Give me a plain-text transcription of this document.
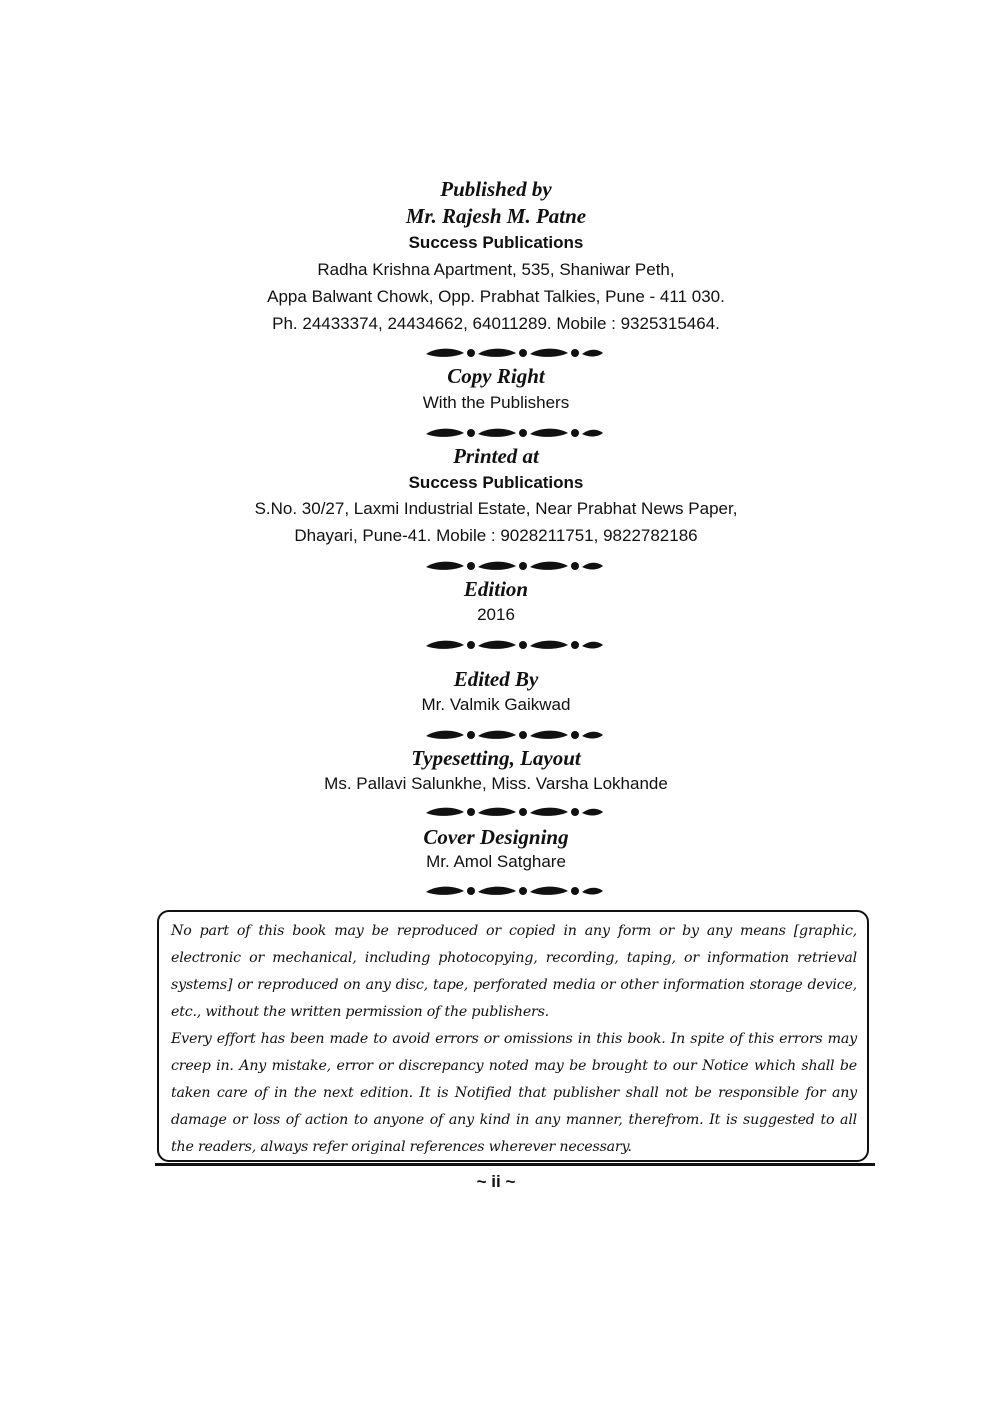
Published by
Mr. Rajesh M. Patne
Success Publications
Radha Krishna Apartment, 535, Shaniwar Peth,
Appa Balwant Chowk, Opp. Prabhat Talkies, Pune - 411 030.
Ph. 24433374, 24434662, 64011289. Mobile : 9325315464.
Copy Right
With the Publishers
Printed at
Success Publications
S.No. 30/27, Laxmi Industrial Estate, Near Prabhat News Paper,
Dhayari, Pune-41. Mobile : 9028211751, 9822782186
Edition
2016
Edited By
Mr. Valmik Gaikwad
Typesetting, Layout
Ms. Pallavi Salunkhe, Miss. Varsha Lokhande
Cover Designing
Mr. Amol Satghare

No part of this book may be reproduced or copied in any form or by any means [graphic, electronic or mechanical, including photocopying, recording, taping, or information retrieval systems] or reproduced on any disc, tape, perforated media or other information storage device, etc., without the written permission of the publishers.

Every effort has been made to avoid errors or omissions in this book. In spite of this errors may creep in. Any mistake, error or discrepancy noted may be brought to our Notice which shall be taken care of in the next edition. It is Notified that publisher shall not be responsible for any damage or loss of action to anyone of any kind in any manner, therefrom. It is suggested to all the readers, always refer original references wherever necessary.

~ ii ~
